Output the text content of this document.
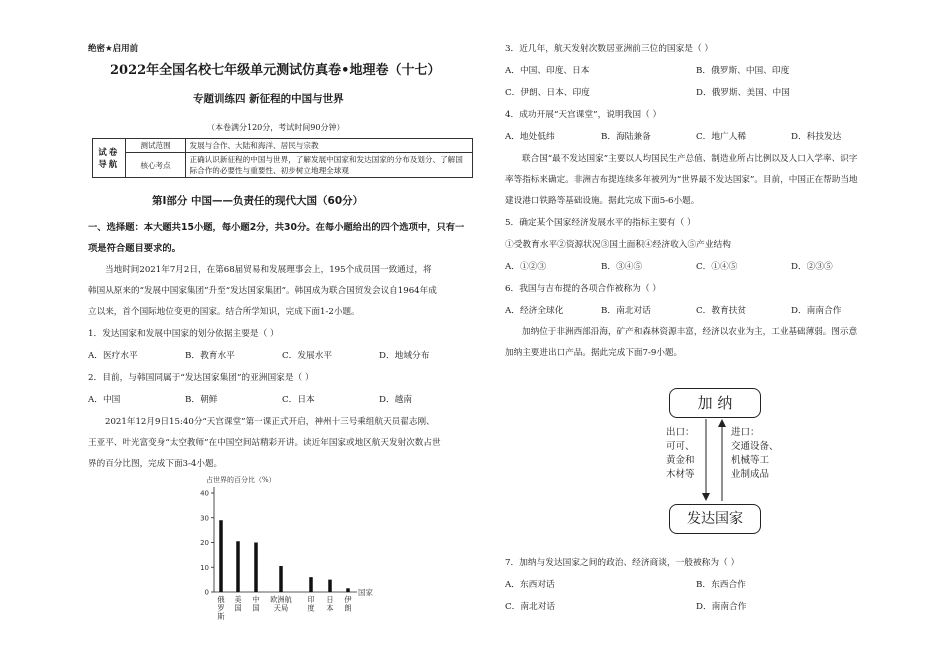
绝密★启用前
2022年全国名校七年级单元测试仿真卷•地理卷（十七）
专题训练四 新征程的中国与世界
（本卷满分120分，考试时间90分钟）
试卷导航	测试范围	发展与合作、大陆和海洋、居民与宗教
	核心考点	正确认识新征程的中国与世界，了解发展中国家和发达国家的分布及划分、了解国际合作的必要性与重要性、初步树立地理全球观
第Ⅰ部分 中国——负责任的现代大国（60分）
一、选择题：本大题共15小题，每小题2分，共30分。在每小题给出的四个选项中，只有一
项是符合题目要求的。
当地时间2021年7月2日，在第68届贸易和发展理事会上，195个成员国一致通过，将
韩国从原来的“发展中国家集团”升至“发达国家集团”。韩国成为联合国贸发会议自1964年成
立以来，首个国际地位变更的国家。结合所学知识，完成下面1-2小题。
1．发达国家和发展中国家的划分依据主要是（ ）
A．医疗水平	B．教育水平	C．发展水平	D．地域分布
2．目前，与韩国同属于“发达国家集团”的亚洲国家是（ ）
A．中国	B．朝鲜	C．日本	D．越南
2021年12月9日15:40分“天宫课堂”第一课正式开启，神州十三号乘组航天员翟志刚、
王亚平、叶光富变身“太空教师”在中国空间站精彩开讲。读近年国家或地区航天发射次数占世
界的百分比图，完成下面3-4小题。
占世界的百分比（%）
国家
0
10
20
30
40
俄
罗
斯
美
国
中
国
欧洲航
天局
印
度
日
本
伊
朗
3．近几年，航天发射次数居亚洲前三位的国家是（ ）
A．中国、印度、日本	B．俄罗斯、中国、印度
C．伊朗、日本、印度	D．俄罗斯、美国、中国
4．成功开展“天宫课堂”，说明我国（ ）
A．地处低纬	B．海陆兼备	C．地广人稀	D．科技发达
联合国“最不发达国家”主要以人均国民生产总值、制造业所占比例以及人口入学率、识字
率等指标来确定。非洲吉布提连续多年被列为“世界最不发达国家”。目前，中国正在帮助当地
建设港口铁路等基础设施。据此完成下面5-6小题。
5．确定某个国家经济发展水平的指标主要有（ ）
①受教育水平②资源状况③国土面积④经济收入⑤产业结构
A．①②③	B．③④⑤	C．①④⑤	D．②③⑤
6．我国与吉布提的各项合作被称为（ ）
A．经济全球化	B．南北对话	C．教育扶贫	D．南南合作
加纳位于非洲西部沿海，矿产和森林资源丰富，经济以农业为主，工业基础薄弱。图示意
加纳主要进出口产品。据此完成下面7-9小题。
7．加纳与发达国家之间的政治、经济商谈，一般被称为（ ）
A．东西对话	B．东西合作
C．南北对话	D．南南合作
加 纳
发达国家
出口：
可可、
黄金和
木材等
进口：
交通设备、
机械等工
业制成品
